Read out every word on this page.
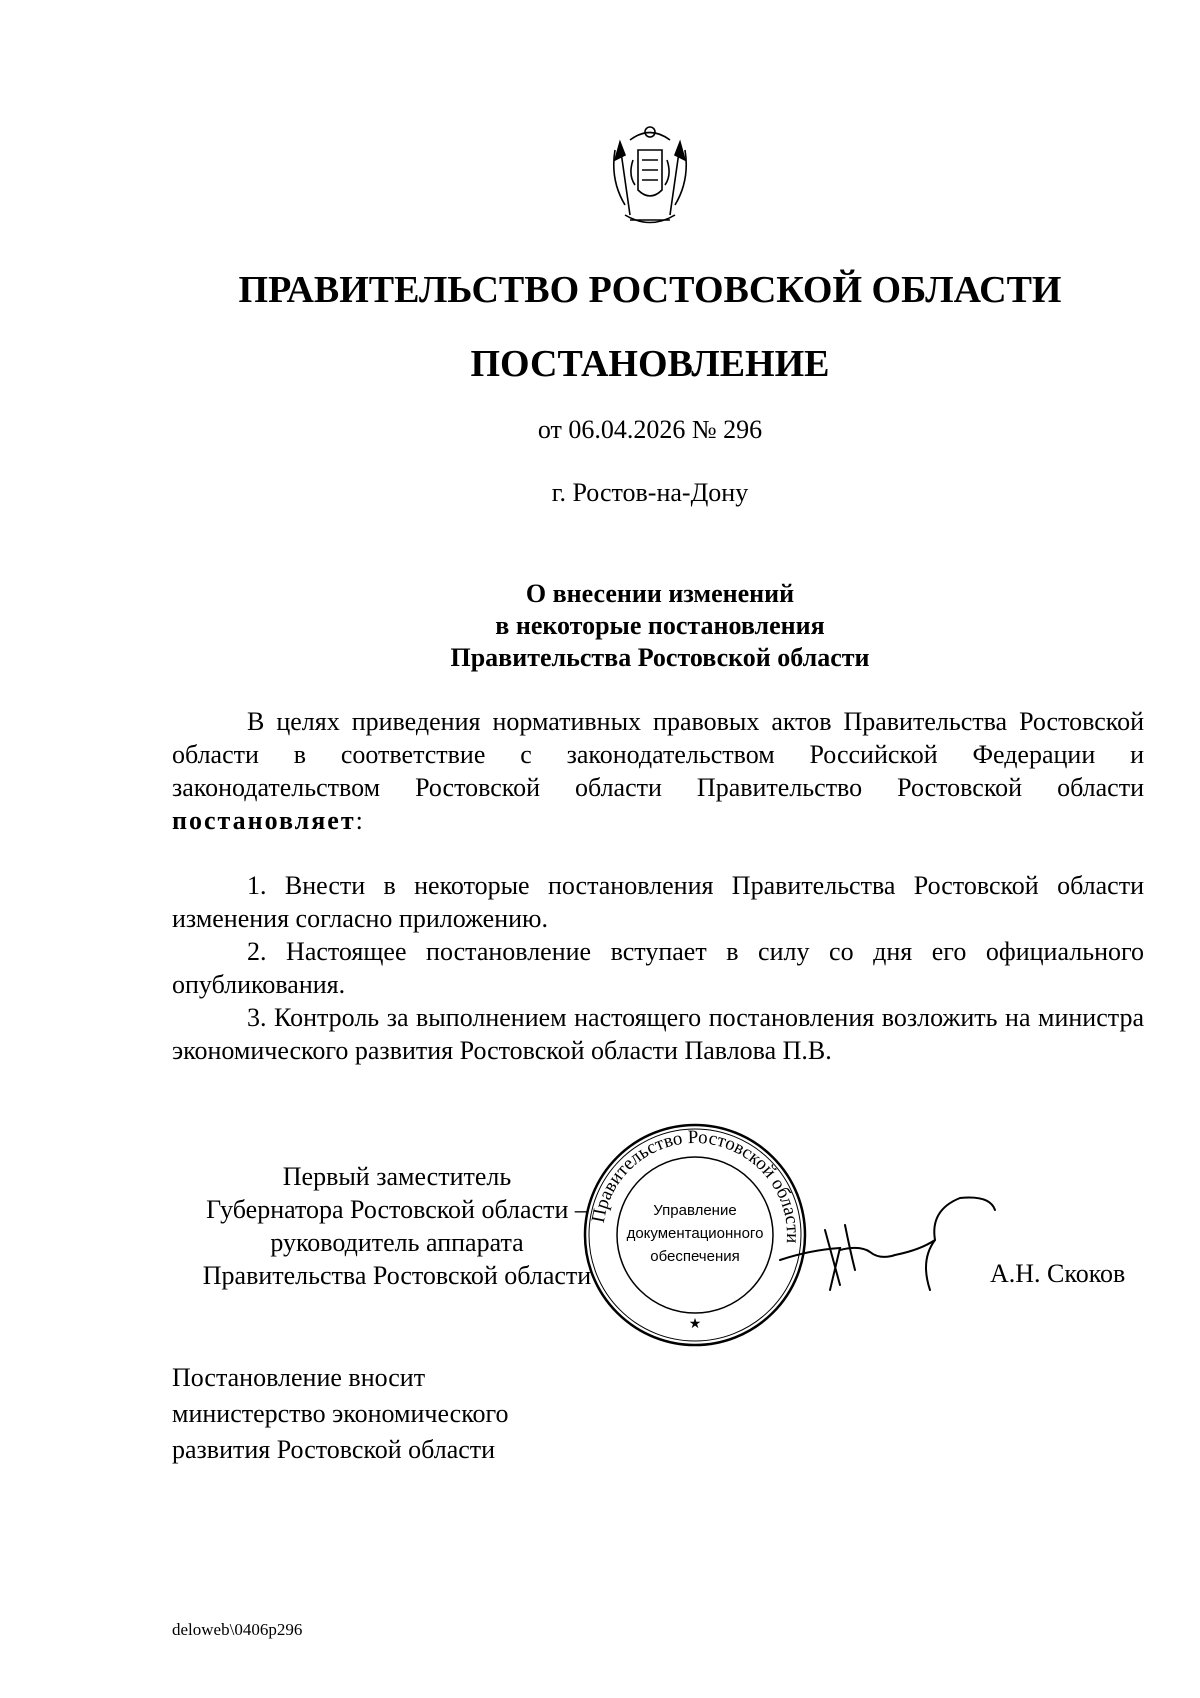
ПРАВИТЕЛЬСТВО РОСТОВСКОЙ ОБЛАСТИ
ПОСТАНОВЛЕНИЕ
от 06.04.2026 № 296
г. Ростов-на-Дону
О внесении изменений
в некоторые постановления
Правительства Ростовской области

В целях приведения нормативных правовых актов Правительства Ростовской области в соответствие с законодательством Российской Федерации и законодательством Ростовской области Правительство Ростовской области постановляет:

1. Внести в некоторые постановления Правительства Ростовской области изменения согласно приложению.

2. Настоящее постановление вступает в силу со дня его официального опубликования.

3. Контроль за выполнением настоящего постановления возложить на министра экономического развития Ростовской области Павлова П.В.

Первый заместитель
Губернатора Ростовской области –
руководитель аппарата
Правительства Ростовской области
Правительство Ростовской области
Управление
документационного
обеспечения
★
А.Н. Скоков
Постановление вносит
министерство экономического
развития Ростовской области
deloweb\0406p296
